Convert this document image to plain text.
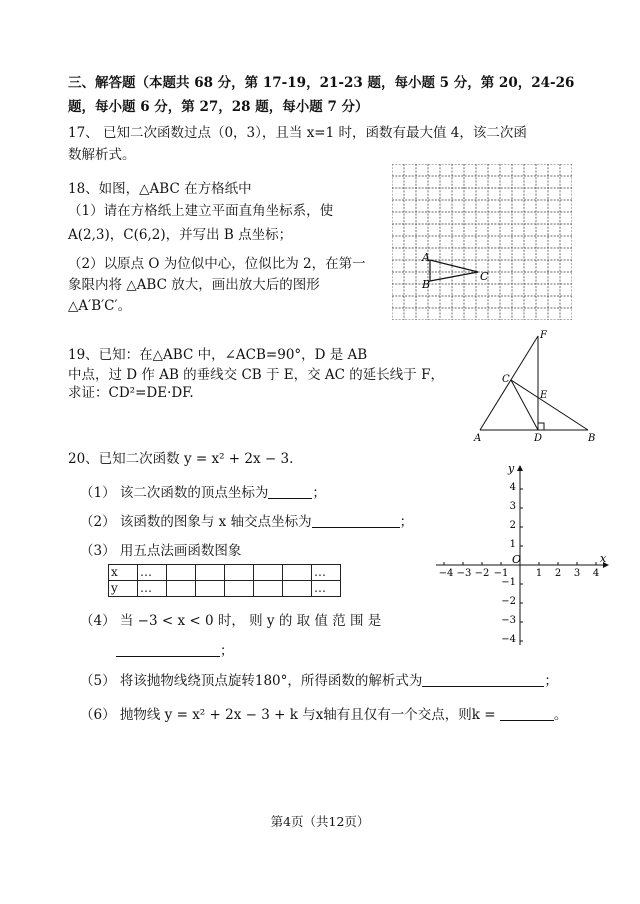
三、解答题（本题共 68 分，第 17-19，21-23 题，每小题 5 分，第 20，24-26
题，每小题 6 分，第 27，28 题，每小题 7 分）
17、 已知二次函数过点（0，3），且当 x=1 时，函数有最大值 4，该二次函
数解析式。
18、如图，△ABC 在方格纸中
（1）请在方格纸上建立平面直角坐标系，使
A(2,3)，C(6,2)，并写出 B 点坐标；
（2）以原点 O 为位似中心，位似比为 2，在第一
象限内将 △ABC 放大，画出放大后的图形
△A′B′C′。
A
B
C
19、已知：在△ABC 中，∠ACB=90°，D 是 AB
中点，过 D 作 AB 的垂线交 CB 于 E，交 AC 的延长线于 F，
求证：CD²=DE·DF.
F
C
E
A	D	B
20、已知二次函数 y = x² + 2x − 3.
（1） 该二次函数的顶点坐标为	；
（2） 该函数的图象与 x 轴交点坐标为	；
（3） 用五点法画函数图象
x	…						…
y	…						…
（4） 当 −3 < x < 0 时， 则 y 的 取 值 范 围 是
；
（5） 将该抛物线绕顶点旋转180°，所得函数的解析式为	；
（6） 抛物线 y = x² + 2x − 3 + k 与x轴有且仅有一个交点，则k =	。
x
y
O
−4 −3 −2 −1	1 2 3 4
4
3
2
1
−1
−2
−3
−4
第4页（共12页）
